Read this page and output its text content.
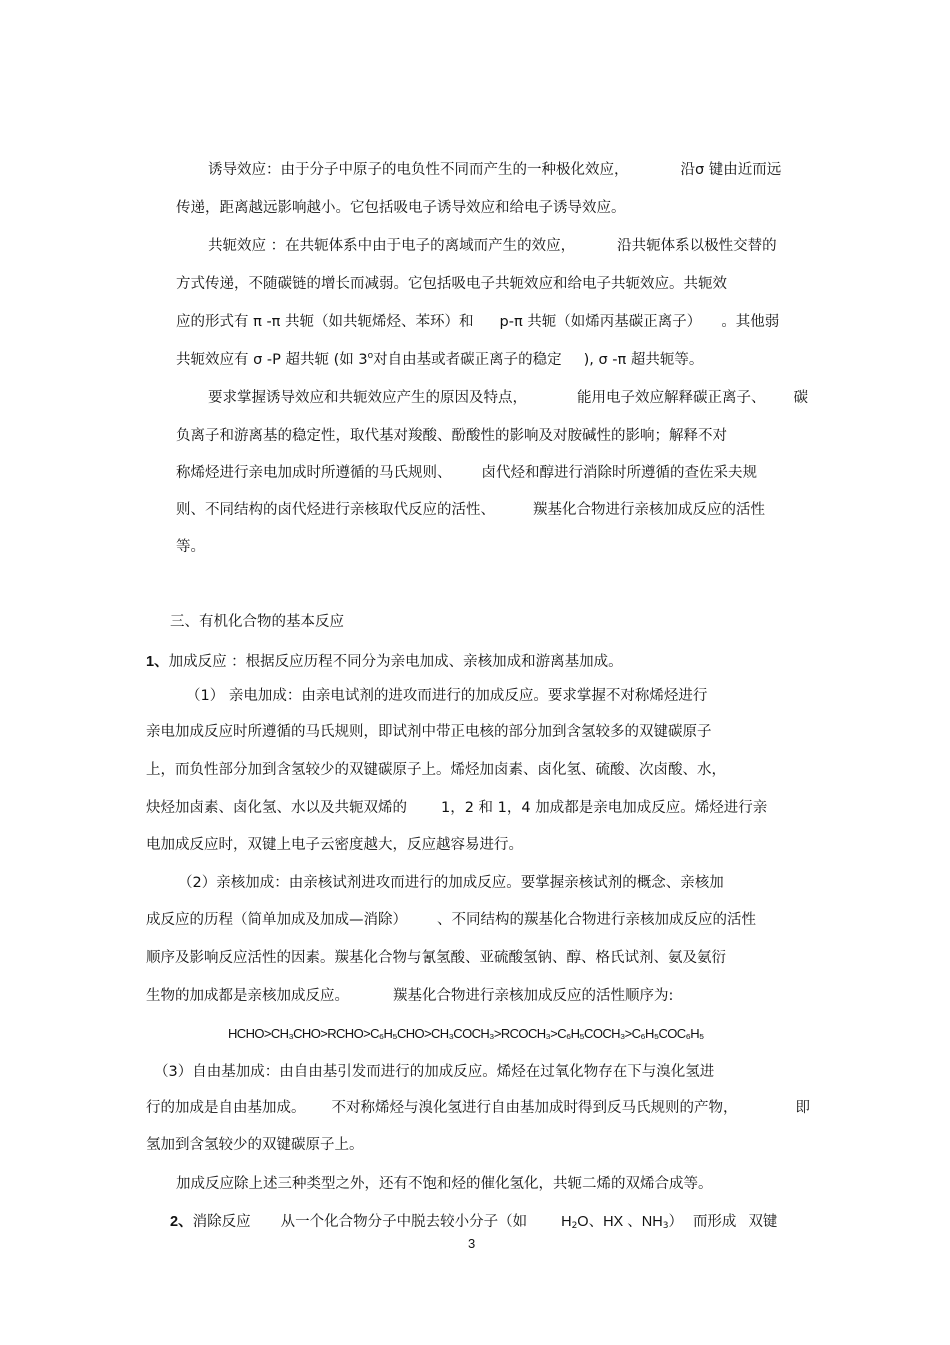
诱导效应：由于分子中原子的电负性不同而产生的一种极化效应，	沿σ 键由近而远
传递，距离越远影响越小。它包括吸电子诱导效应和给电子诱导效应。
共轭效应 ：在共轭体系中由于电子的离域而产生的效应，	沿共轭体系以极性交替的
方式传递，不随碳链的增长而减弱。它包括吸电子共轭效应和给电子共轭效应。共轭效
应的形式有 π -π 共轭（如共轭烯烃、苯环）和 p-π 共轭（如烯丙基碳正离子） 。其他弱
共轭效应有 σ -P 超共轭 (如 3$^o$对自由基或者碳正离子的稳定 ), σ -π 超共轭等。
要求掌握诱导效应和共轭效应产生的原因及特点，	能用电子效应解释碳正离子、 碳
负离子和游离基的稳定性，取代基对羧酸、酚酸性的影响及对胺碱性的影响；解释不对
称烯烃进行亲电加成时所遵循的马氏规则、 卤代烃和醇进行消除时所遵循的查佐采夫规
则、不同结构的卤代烃进行亲核取代反应的活性、	羰基化合物进行亲核加成反应的活性
等。
三、有机化合物的基本反应
1、加成反应 ：根据反应历程不同分为亲电加成、亲核加成和游离基加成。
（1） 亲电加成：由亲电试剂的进攻而进行的加成反应。要求掌握不对称烯烃进行
亲电加成反应时所遵循的马氏规则，即试剂中带正电核的部分加到含氢较多的双键碳原子
上，而负性部分加到含氢较少的双键碳原子上。烯烃加卤素、卤化氢、硫酸、次卤酸、水，
炔烃加卤素、卤化氢、水以及共轭双烯的 1，2 和 1，4 加成都是亲电加成反应。烯烃进行亲
电加成反应时，双键上电子云密度越大，反应越容易进行。
（2）亲核加成：由亲核试剂进攻而进行的加成反应。要掌握亲核试剂的概念、亲核加
成反应的历程（简单加成及加成—消除） 、不同结构的羰基化合物进行亲核加成反应的活性
顺序及影响反应活性的因素。羰基化合物与氰氢酸、亚硫酸氢钠、醇、格氏试剂、氨及氨衍
生物的加成都是亲核加成反应。	羰基化合物进行亲核加成反应的活性顺序为:
HCHO>CH₃CHO>RCHO>C₆H₅CHO>CH₃COCH₃>RCOCH₃>C₆H₅COCH₃>C₆H₅COC₆H₅
（3）自由基加成：由自由基引发而进行的加成反应。烯烃在过氧化物存在下与溴化氢进
行的加成是自由基加成。 不对称烯烃与溴化氢进行自由基加成时得到反马氏规则的产物，	即
氢加到含氢较少的双键碳原子上。
加成反应除上述三种类型之外，还有不饱和烃的催化氢化，共轭二烯的双烯合成等。
2、消除反应 从一个化合物分子中脱去较小分子（如 $H_2O$、HX 、$NH_3$） 而形成 双键
3
